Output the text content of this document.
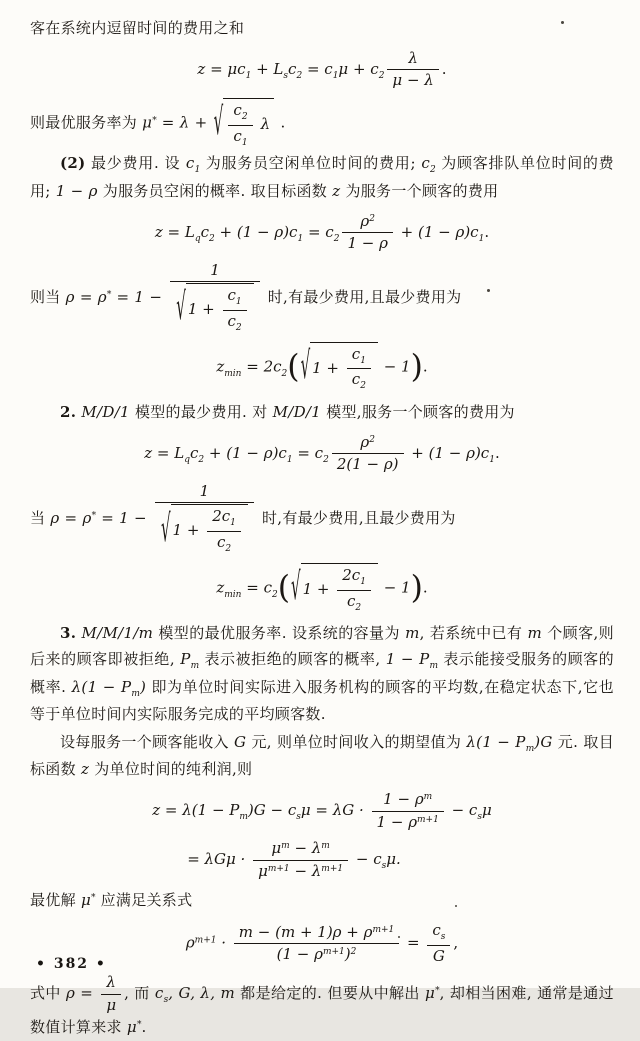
客在系统内逗留时间的费用之和
$z = \mu c_1 + L_sc_2 = c_1\mu + c_2 \frac{\lambda}{\mu - \lambda}$ .
则最优服务率为 μ* = λ + √ $\frac{c_2}{c_1}$ λ .
(2) 最少费用. 设 $c_1$ 为服务员空闲单位时间的费用; $c_2$ 为顾客排队单位时间的费用; 1 − ρ 为服务员空闲的概率. 取目标函数 z 为服务一个顾客的费用
$z = L_qc_2 + (1 - \rho)c_1 = c_2 \frac{\rho^2}{1 - \rho} + (1 - \rho)c_1$.
则当 $\rho = \rho^* = 1 - \frac{1}{√ 1 + \frac{c_1}{c_2}}$ 时,有最少费用,且最少费用为
$z_{min} = 2c_2$( √ $1 + \frac{c_1}{c_2} - 1$).
2. M/D/1 模型的最少费用. 对 M/D/1 模型,服务一个顾客的费用为
$z = L_qc_2 + (1 - \rho)c_1 = c_2 \frac{\rho^2}{2(1 - \rho)} + (1 - \rho)c_1$.
当 $\rho = \rho^* = 1 - \frac{1}{√ 1 + \frac{2c_1}{c_2}}$ 时,有最少费用,且最少费用为
$z_{min} = c_2$( √ $1 + \frac{2c_1}{c_2} - 1$).
3. M/M/1/m 模型的最优服务率. 设系统的容量为 m, 若系统中已有 m 个顾客,则后来的顾客即被拒绝, $P_m$ 表示被拒绝的顾客的概率, $1 - P_m$ 表示能接受服务的顾客的概率. $\lambda(1 - P_m)$ 即为单位时间实际进入服务机构的顾客的平均数,在稳定状态下,它也等于单位时间内实际服务完成的平均顾客数.
设每服务一个顾客能收入 G 元, 则单位时间收入的期望值为 $\lambda(1 - P_m)G$ 元. 取目标函数 z 为单位时间的纯利润,则
$z = \lambda(1 - P_m)G - c_s\mu = \lambda G \cdot \frac{1 - \rho^m}{1 - \rho^{m+1}} - c_s\mu$
= $\lambda G\mu \cdot \frac{\mu^m - \lambda^m}{\mu^{m+1} - \lambda^{m+1}} - c_s\mu$.
最优解 μ* 应满足关系式
$\rho^{m+1} \cdot \frac{m - (m + 1)\rho + \rho^{m+1}}{(1 - \rho^{m+1})^2} = \frac{c_s}{G}$ ,
式中 $\rho = \frac{\lambda}{\mu}$ , 而 $c_s$, G, λ, m 都是给定的. 但要从中解出 μ*, 却相当困难, 通常是通过数值计算来求 μ*.
• 382 •
